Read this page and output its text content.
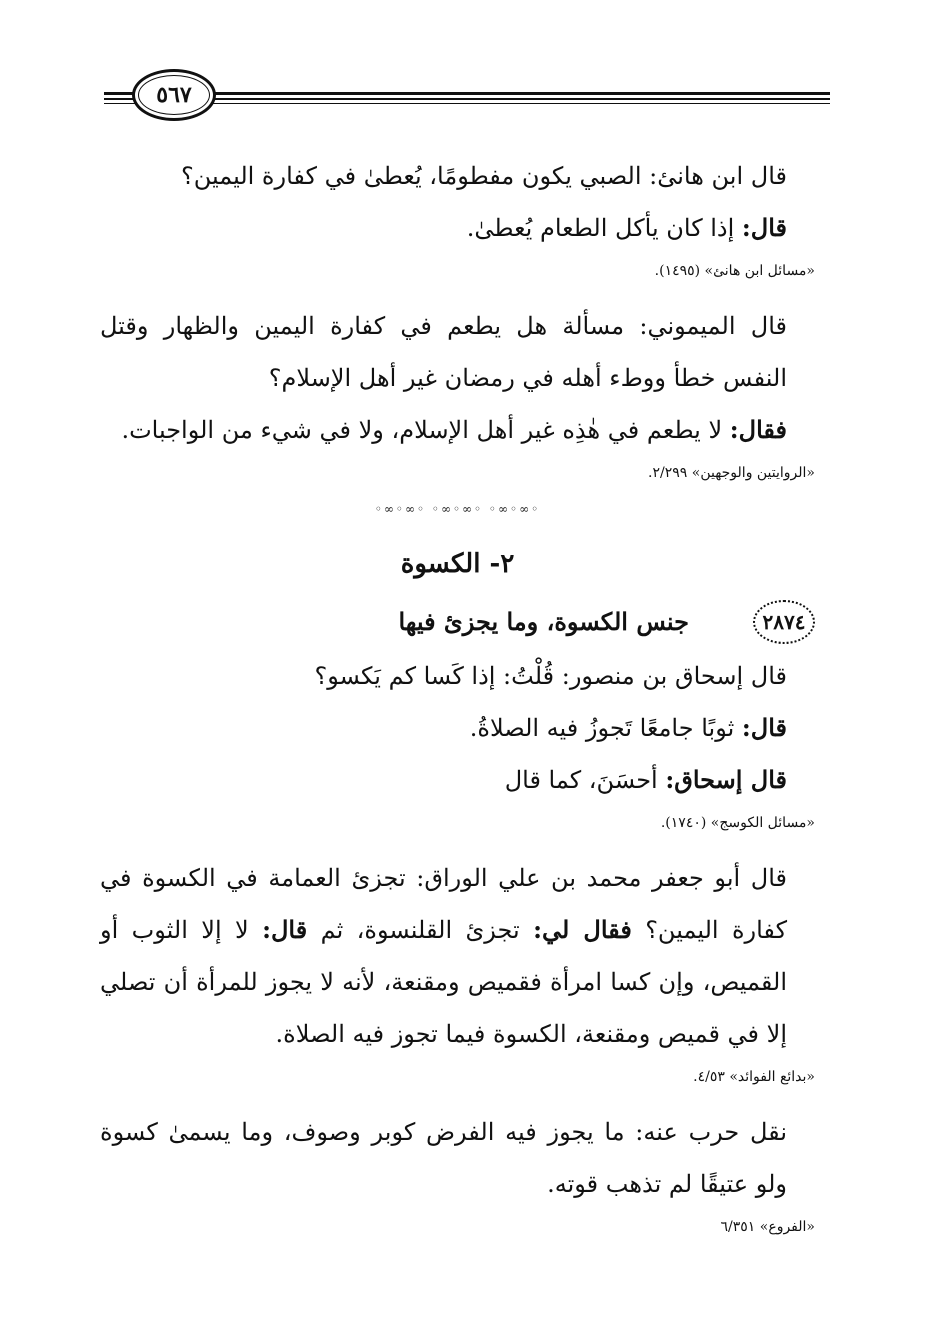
٥٦٧

قال ابن هانئ: الصبي يكون مفطومًا، يُعطىٰ في كفارة اليمين؟

قال: إذا كان يأكل الطعام يُعطىٰ.

«مسائل ابن هانئ» (١٤٩٥).

قال الميموني: مسألة هل يطعم في كفارة اليمين والظهار وقتل النفس خطأ ووطء أهله في رمضان غير أهل الإسلام؟

فقال: لا يطعم في هٰذِه غير أهل الإسلام، ولا في شيء من الواجبات.

«الروايتين والوجهين» ٢/٢٩٩.
◦∞◦∞◦ ◦∞◦∞◦ ◦∞◦∞◦
٢- الكسوة
٢٨٧٤
جنس الكسوة، وما يجزئ فيها

قال إسحاق بن منصور: قُلْتُ: إذا كَسا كم يَكسو؟

قال: ثوبًا جامعًا تَجوزُ فيه الصلاةُ.

قال إسحاق: أحسَنَ، كما قال

«مسائل الكوسج» (١٧٤٠).

قال أبو جعفر محمد بن علي الوراق: تجزئ العمامة في الكسوة في كفارة اليمين؟ فقال لي: تجزئ القلنسوة، ثم قال: لا إلا الثوب أو القميص، وإن كسا امرأة فقميص ومقنعة، لأنه لا يجوز للمرأة أن تصلي إلا في قميص ومقنعة، الكسوة فيما تجوز فيه الصلاة.

«بدائع الفوائد» ٤/٥٣.

نقل حرب عنه: ما يجوز فيه الفرض كوبر وصوف، وما يسمىٰ كسوة ولو عتيقًا لم تذهب قوته.

«الفروع» ٦/٣٥١
